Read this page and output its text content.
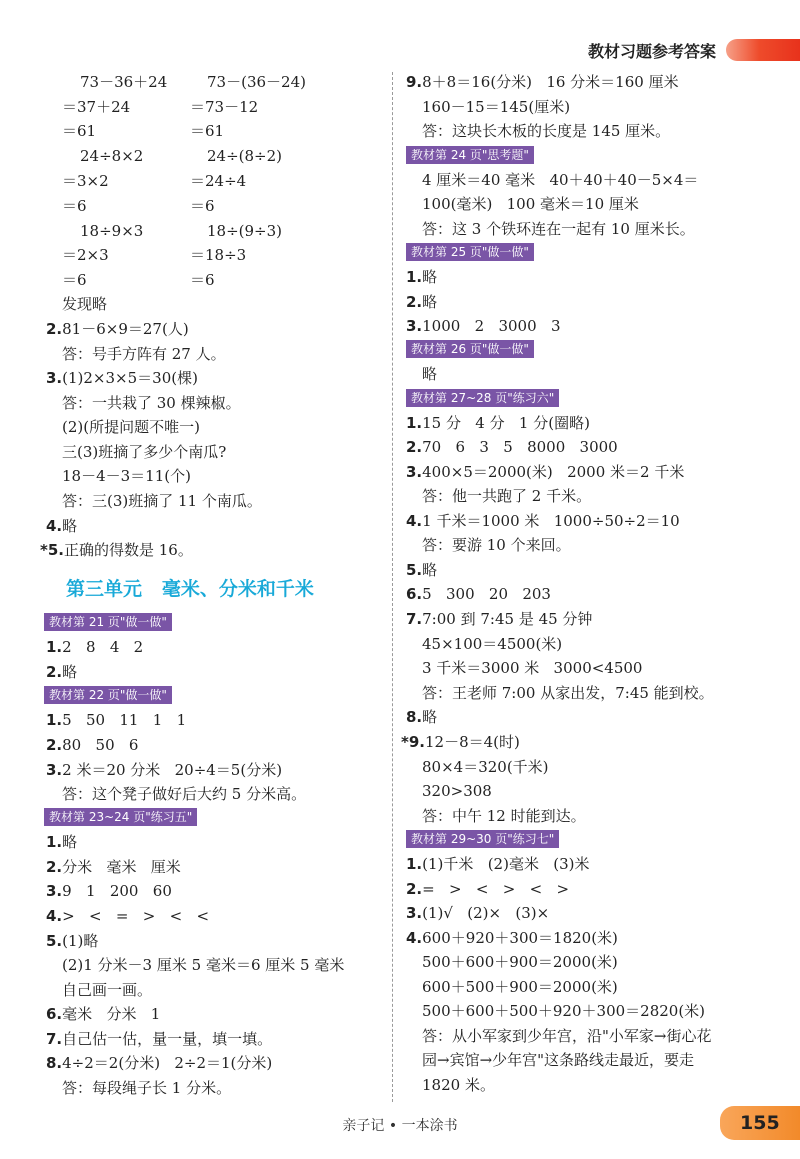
教材习题参考答案
73－36＋24	73－(36－24)
＝37＋24	＝73－12
＝61	＝61
24÷8×2	24÷(8÷2)
＝3×2	＝24÷4
＝6	＝6
18÷9×3	18÷(9÷3)
＝2×3	＝18÷3
＝6	＝6
发现略
2.81－6×9＝27(人)
答：号手方阵有 27 人。
3.(1)2×3×5＝30(棵)
答：一共栽了 30 棵辣椒。
(2)(所提问题不唯一)
三(3)班摘了多少个南瓜?
18－4－3＝11(个)
答：三(3)班摘了 11 个南瓜。
4.略
*5.正确的得数是 16。
第三单元   毫米、分米和千米
教材第 21 页"做一做"
1.2   8   4   2
2.略
教材第 22 页"做一做"
1.5   50   11   1   1
2.80   50   6
3.2 米＝20 分米   20÷4＝5(分米)
答：这个凳子做好后大约 5 分米高。
教材第 23~24 页"练习五"
1.略
2.分米   毫米   厘米
3.9   1   200   60
4.>   <   =   >   <   <
5.(1)略
(2)1 分米－3 厘米 5 毫米＝6 厘米 5 毫米
自己画一画。
6.毫米   分米   1
7.自己估一估，量一量，填一填。
8.4÷2＝2(分米)   2÷2＝1(分米)
答：每段绳子长 1 分米。
9.8＋8＝16(分米)   16 分米＝160 厘米
160－15＝145(厘米)
答：这块长木板的长度是 145 厘米。
教材第 24 页"思考题"
4 厘米＝40 毫米   40＋40＋40－5×4＝
100(毫米)   100 毫米＝10 厘米
答：这 3 个铁环连在一起有 10 厘米长。
教材第 25 页"做一做"
1.略
2.略
3.1000   2   3000   3
教材第 26 页"做一做"
略
教材第 27~28 页"练习六"
1.15 分   4 分   1 分(圈略)
2.70   6   3   5   8000   3000
3.400×5＝2000(米)   2000 米＝2 千米
答：他一共跑了 2 千米。
4.1 千米＝1000 米   1000÷50÷2＝10
答：要游 10 个来回。
5.略
6.5   300   20   203
7.7:00 到 7:45 是 45 分钟
45×100＝4500(米)
3 千米＝3000 米   3000<4500
答：王老师 7:00 从家出发，7:45 能到校。
8.略
*9.12－8＝4(时)
80×4＝320(千米)
320>308
答：中午 12 时能到达。
教材第 29~30 页"练习七"
1.(1)千米   (2)毫米   (3)米
2.=   >   <   >   <   >
3.(1)√   (2)×   (3)×
4.600＋920＋300＝1820(米)
500＋600＋900＝2000(米)
600＋500＋900＝2000(米)
500＋600＋500＋920＋300＝2820(米)
答：从小军家到少年宫，沿"小军家→街心花
园→宾馆→少年宫"这条路线走最近，要走
1820 米。
亲子记 • 一本涂书	155
